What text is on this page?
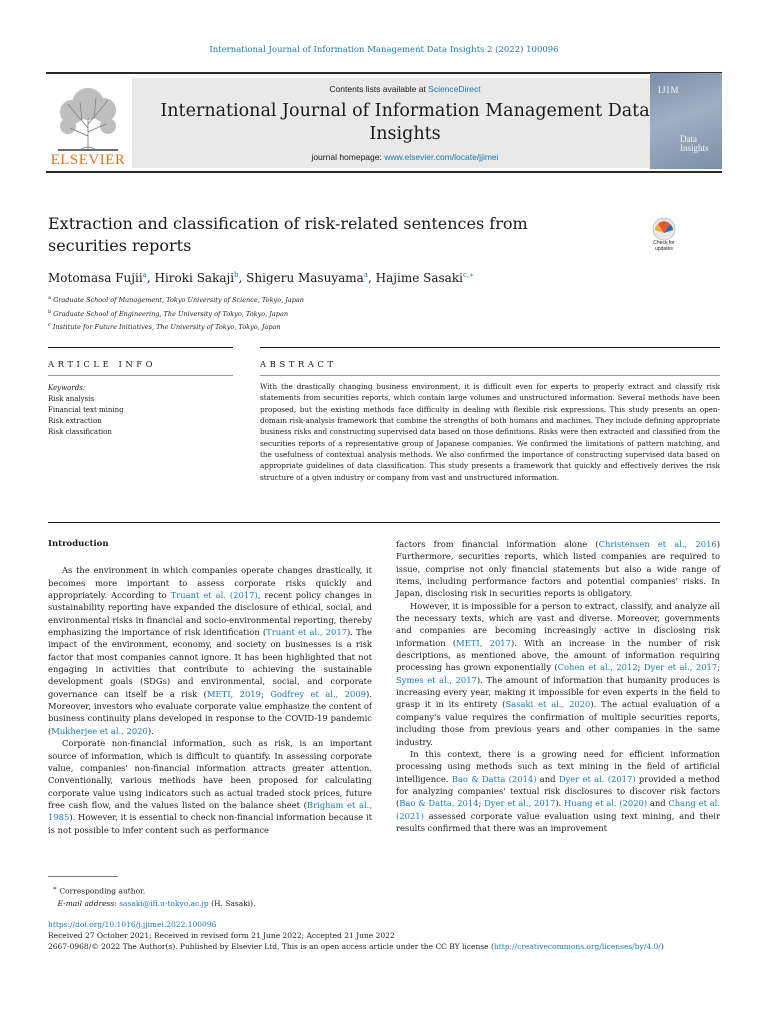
International Journal of Information Management Data Insights 2 (2022) 100096
ELSEVIER
Contents lists available at ScienceDirect
International Journal of Information Management Data Insights
journal homepage: www.elsevier.com/locate/jjimei
IJIM
Data
Insights
Extraction and classification of risk-related sentences from securities reports	Check for
updates
Motomasa Fujii$^a$, Hiroki Sakaji$^b$, Shigeru Masuyama$^a$, Hajime Sasaki$^{c,∗}$
$^a$ Graduate School of Management, Tokyo University of Science, Tokyo, Japan
$^b$ Graduate School of Engineering, The University of Tokyo, Tokyo, Japan
$^c$ Institute for Future Initiatives, The University of Tokyo, Tokyo, Japan
ARTICLE INFO	ABSTRACT
Keywords:
Risk analysis
Financial text mining
Risk extraction
Risk classification
With the drastically changing business environment, it is difficult even for experts to properly extract and classify risk statements from securities reports, which contain large volumes and unstructured information. Several methods have been proposed, but the existing methods face difficulty in dealing with flexible risk expressions. This study presents an open-domain risk-analysis framework that combine the strengths of both humans and machines. They include defining appropriate business risks and constructing supervised data based on those definitions. Risks were then extracted and classified from the securities reports of a representative group of Japanese companies. We confirmed the limitations of pattern matching, and the usefulness of contextual analysis methods. We also confirmed the importance of constructing supervised data based on appropriate guidelines of data classification. This study presents a framework that quickly and effectively derives the risk structure of a given industry or company from vast and unstructured information.
Introduction

As the environment in which companies operate changes drastically, it becomes more important to assess corporate risks quickly and appropriately. According to Truant et al. (2017), recent policy changes in sustainability reporting have expanded the disclosure of ethical, social, and environmental risks in financial and socio-environmental reporting, thereby emphasizing the importance of risk identification (Truant et al., 2017). The impact of the environment, economy, and society on businesses is a risk factor that most companies cannot ignore. It has been highlighted that not engaging in activities that contribute to achieving the sustainable development goals (SDGs) and environmental, social, and corporate governance can itself be a risk (METI, 2019; Godfrey et al., 2009). Moreover, investors who evaluate corporate value emphasize the content of business continuity plans developed in response to the COVID-19 pandemic (Mukherjee et al., 2020).

Corporate non-financial information, such as risk, is an important source of information, which is difficult to quantify. In assessing corporate value, companies' non-financial information attracts greater attention. Conventionally, various methods have been proposed for calculating corporate value using indicators such as actual traded stock prices, future free cash flow, and the values listed on the balance sheet (Brigham et al., 1985). However, it is essential to check non-financial information because it is not possible to infer content such as performance

factors from financial information alone (Christensen et al., 2016) Furthermore, securities reports, which listed companies are required to issue, comprise not only financial statements but also a wide range of items, including performance factors and potential companies' risks. In Japan, disclosing risk in securities reports is obligatory.

However, it is impossible for a person to extract, classify, and analyze all the necessary texts, which are vast and diverse. Moreover, governments and companies are becoming increasingly active in disclosing risk information (METI, 2017). With an increase in the number of risk descriptions, as mentioned above, the amount of information requiring processing has grown exponentially (Cohen et al., 2012; Dyer et al., 2017; Symes et al., 2017). The amount of information that humanity produces is increasing every year, making it impossible for even experts in the field to grasp it in its entirety (Sasaki et al., 2020). The actual evaluation of a company's value requires the confirmation of multiple securities reports, including those from previous years and other companies in the same industry.

In this context, there is a growing need for efficient information processing using methods such as text mining in the field of artificial intelligence. Bao & Datta (2014) and Dyer et al. (2017) provided a method for analyzing companies' textual risk disclosures to discover risk factors (Bao & Datta, 2014; Dyer et al., 2017). Huang et al. (2020) and Chang et al. (2021) assessed corporate value evaluation using text mining, and their results confirmed that there was an improvement

∗ Corresponding author.
E-mail address: sasaki@ifi.u-tokyo.ac.jp (H. Sasaki).
https://doi.org/10.1016/j.jjimei.2022.100096
Received 27 October 2021; Received in revised form 21 June 2022; Accepted 21 June 2022
2667-0968/© 2022 The Author(s). Published by Elsevier Ltd. This is an open access article under the CC BY license (http://creativecommons.org/licenses/by/4.0/)
